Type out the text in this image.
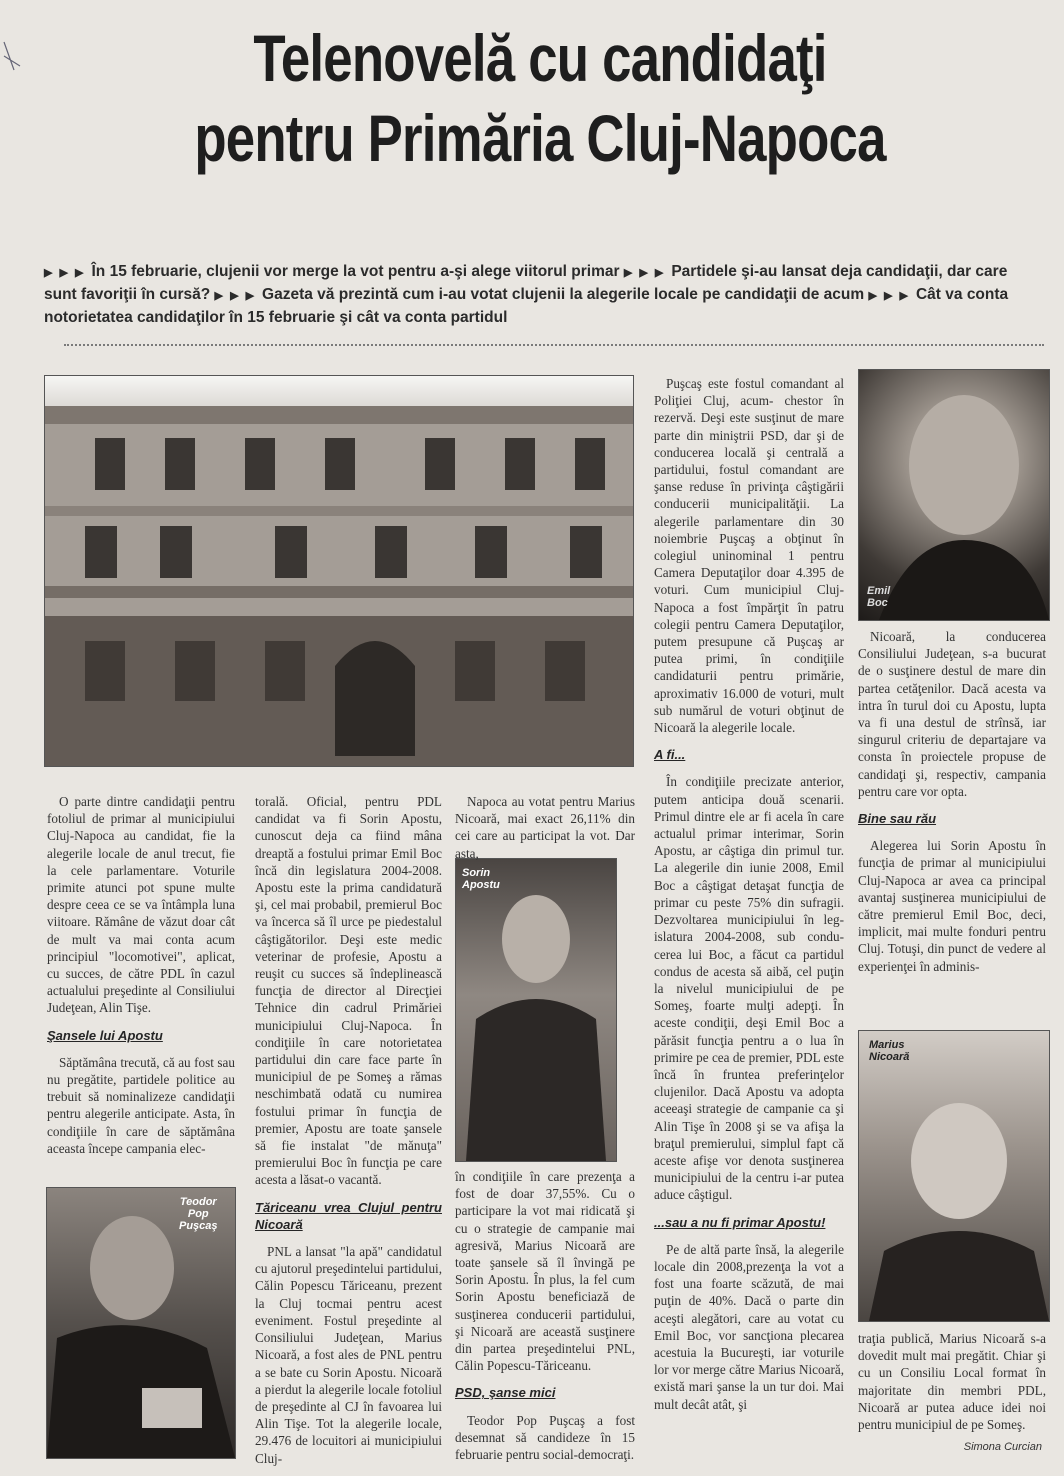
Telenovelă cu candidaţi
pentru Primăria Cluj-Napoca
▶ ▶ ▶ În 15 februarie, clujenii vor merge la vot pentru a-şi alege viitorul primar ▶ ▶ ▶ Partidele şi-au lansat deja candidaţii, dar care sunt favoriţii în cursă? ▶ ▶ ▶ Gazeta vă prezintă cum i-au votat clujenii la alegerile locale pe candidaţii de acum ▶ ▶ ▶ Cât va conta notorietatea candidaţilor în 15 februarie şi cât va conta partidul
Emil
Boc
Sorin
Apostu
Teodor
Pop
Puşcaş
Marius
Nicoară

O parte dintre candidaţii pentru fotoliul de primar al municipiului Cluj-Napoca au candidat, fie la alegerile locale de anul trecut, fie la cele parlamentare. Voturile primite atunci pot spune multe despre ceea ce se va întâmpla luna viitoare. Rămâne de văzut doar cât de mult va mai conta acum principiul "locomotivei", aplicat, cu succes, de către PDL în cazul actualului preşedinte al Consiliului Judeţean, Alin Tişe.

Şansele lui Apostu

Săptămâna trecută, că au fost sau nu pregătite, partidele politice au trebuit să nominalizeze candidaţii pentru alegerile anticipate. Asta, în condiţiile în care de săptămâna aceasta începe campania elec-

torală. Oficial, pentru PDL candidat va fi Sorin Apostu, cunoscut deja ca fiind mâna dreaptă a fostului primar Emil Boc încă din legislatura 2004-2008. Apostu este la prima candidatură şi, cel mai probabil, premierul Boc va încerca să îl urce pe piedestalul câştigătorilor. Deşi este medic veterinar de profesie, Apostu a reuşit cu succes să îndeplinească funcţia de director al Direcţiei Tehnice din cadrul Primăriei municipiului Cluj-Napoca. În condiţiile în care notorietatea partidului din care face parte în municipiul de pe Someş a rămas neschimbată odată cu numirea fostului primar în funcţia de premier, Apostu are toate şansele să fie instalat "de mănuţa" premierului Boc în funcţia pe care acesta a lăsat-o vacantă.

Tăriceanu vrea Clujul pentru Nicoară

PNL a lansat "la apă" candidatul cu ajutorul preşedintelui partidului, Călin Popescu Tăriceanu, prezent la Cluj tocmai pentru acest eveniment. Fostul preşedinte al Consiliului Judeţean, Marius Nicoară, a fost ales de PNL pentru a se bate cu Sorin Apostu. Nicoară a pierdut la alegerile locale fotoliul de preşedinte al CJ în favoarea lui Alin Tişe. Tot la alegerile locale, 29.476 de locuitori ai municipiului Cluj-

Napoca au votat pentru Marius Nicoară, mai exact 26,11% din cei care au participat la vot. Dar asta,

în condiţiile în care prezenţa a fost de doar 37,55%. Cu o participare la vot mai ridicată şi cu o strategie de campanie mai agresivă, Marius Nicoară are toate şansele să îl învingă pe Sorin Apostu. În plus, la fel cum Sorin Apostu beneficiază de susţinerea conducerii partidului, şi Nicoară are această susţinere din partea preşedintelui PNL, Călin Popescu-Tăriceanu.

PSD, şanse mici

Teodor Pop Puşcaş a fost desemnat să candideze în 15 februarie pentru social-democraţi.

Puşcaş este fostul comandant al Poliţiei Cluj, acum- chestor în rezervă. Deşi este susţinut de mare parte din miniştrii PSD, dar şi de conducerea locală şi centrală a partidului, fostul comandant are şanse reduse în privinţa câştigării conducerii municipalităţii. La alegerile parlamentare din 30 noiembrie Puşcaş a obţinut în colegiul uninominal 1 pentru Camera Deputaţilor doar 4.395 de voturi. Cum municipiul Cluj-Napoca a fost împărţit în patru colegii pentru Camera Deputaţilor, putem presupune că Puşcaş ar putea primi, în condiţiile candidaturii pentru primărie, aproximativ 16.000 de voturi, mult sub numărul de voturi obţinut de Nicoară la alegerile locale.

A fi...

În condiţiile precizate anterior, putem anticipa două scenarii. Primul dintre ele ar fi acela în care actualul primar interimar, Sorin Apostu, ar câştiga din primul tur. La alegerile din iunie 2008, Emil Boc a câştigat detaşat funcţia de primar cu peste 75% din sufragii. Dezvoltarea municipiului în leg-islatura 2004-2008, sub condu-cerea lui Boc, a făcut ca partidul condus de acesta să aibă, cel puţin la nivelul municipiului de pe Someş, foarte mulţi adepţi. În aceste condiţii, deşi Emil Boc a părăsit funcţia pentru a o lua în primire pe cea de premier, PDL este încă în fruntea preferinţelor clujenilor. Dacă Apostu va adopta aceeaşi strategie de campanie ca şi Alin Tişe în 2008 şi se va afişa la braţul premierului, simplul fapt că aceste afişe vor denota susţinerea municipiului de la centru i-ar putea aduce câştigul.

...sau a nu fi primar Apostu!

Pe de altă parte însă, la alegerile locale din 2008,prezenţa la vot a fost una foarte scăzută, de mai puţin de 40%. Dacă o parte din aceşti alegători, care au votat cu Emil Boc, vor sancţiona plecarea acestuia la Bucureşti, iar voturile lor vor merge către Marius Nicoară, există mari şanse la un tur doi. Mai mult decât atât, şi

Nicoară, la conducerea Consiliului Judeţean, s-a bucurat de o susţinere destul de mare din partea cetăţenilor. Dacă acesta va intra în turul doi cu Apostu, lupta va fi una destul de strînsă, iar singurul criteriu de departajare va consta în proiectele propuse de candidaţi şi, respectiv, campania pentru care vor opta.

Bine sau rău

Alegerea lui Sorin Apostu în funcţia de primar al municipiului Cluj-Napoca ar avea ca principal avantaj susţinerea municipiului de către premierul Emil Boc, deci, implicit, mai multe fonduri pentru Cluj. Totuşi, din punct de vedere al experienţei în adminis-

traţia publică, Marius Nicoară s-a dovedit mult mai pregătit. Chiar şi cu un Consiliu Local format în majoritate din membri PDL, Nicoară ar putea aduce idei noi pentru municipiul de pe Someş.

Simona Curcian
